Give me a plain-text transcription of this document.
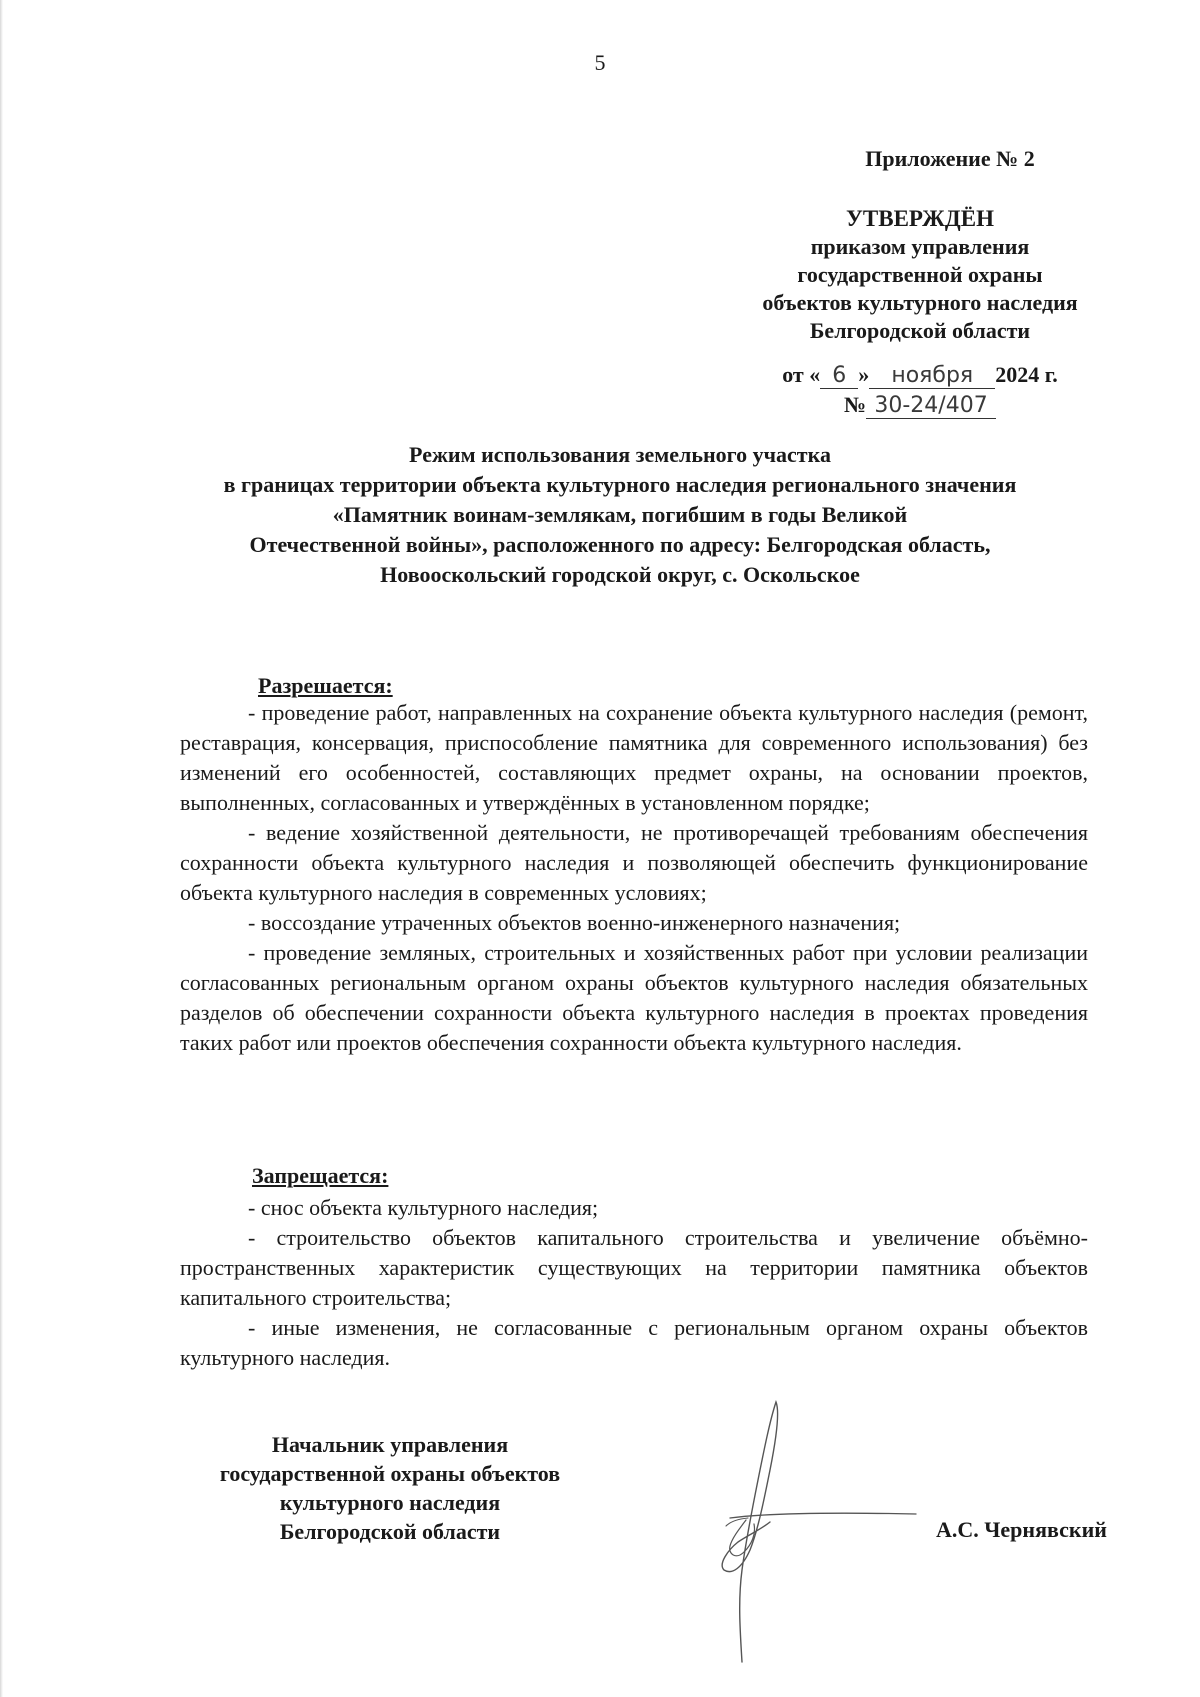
5
Приложение № 2
УТВЕРЖДЁН
приказом управления
государственной охраны
объектов культурного наследия
Белгородской области
от « 6 » ноября 2024 г.
№ 30-24/407
Режим использования земельного участка
в границах территории объекта культурного наследия регионального значения
«Памятник воинам-землякам, погибшим в годы Великой
Отечественной войны», расположенного по адресу: Белгородская область,
Новооскольский городской округ, с. Оскольское
Разрешается:

- проведение работ, направленных на сохранение объекта культурного наследия (ремонт, реставрация, консервация, приспособление памятника для современного использования) без изменений его особенностей, составляющих предмет охраны, на основании проектов, выполненных, согласованных и утверждённых в установленном порядке;

- ведение хозяйственной деятельности, не противоречащей требованиям обеспечения сохранности объекта культурного наследия и позволяющей обеспечить функционирование объекта культурного наследия в современных условиях;

- воссоздание утраченных объектов военно-инженерного назначения;

- проведение земляных, строительных и хозяйственных работ при условии реализации согласованных региональным органом охраны объектов культурного наследия обязательных разделов об обеспечении сохранности объекта культурного наследия в проектах проведения таких работ или проектов обеспечения сохранности объекта культурного наследия.

Запрещается:

- снос объекта культурного наследия;

- строительство объектов капитального строительства и увеличение объёмно-пространственных характеристик существующих на территории памятника объектов капитального строительства;

- иные изменения, не согласованные с региональным органом охраны объектов культурного наследия.

Начальник управления
государственной охраны объектов
культурного наследия
Белгородской области	А.С. Чернявский
